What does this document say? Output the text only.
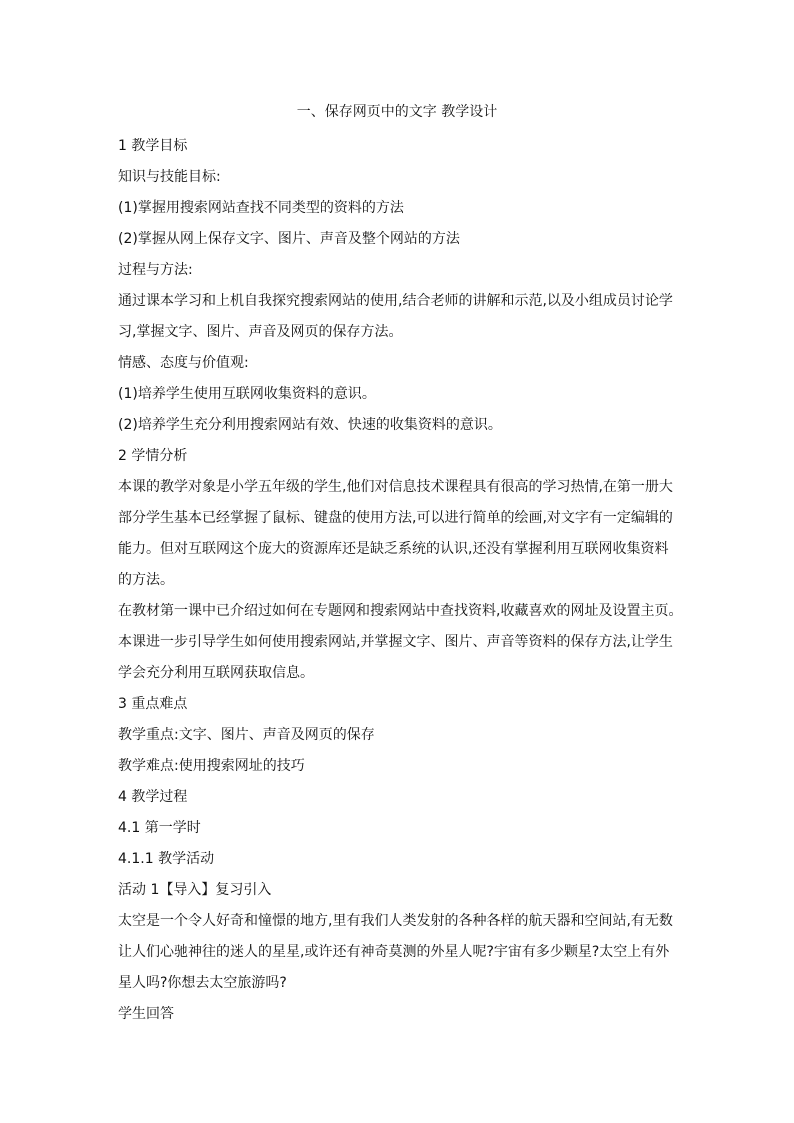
一、保存网页中的文字 教学设计

1 教学目标

知识与技能目标:

(1)掌握用搜索网站查找不同类型的资料的方法

(2)掌握从网上保存文字、图片、声音及整个网站的方法

过程与方法:

通过课本学习和上机自我探究搜索网站的使用,结合老师的讲解和示范,以及小组成员讨论学
习,掌握文字、图片、声音及网页的保存方法。

情感、态度与价值观:

(1)培养学生使用互联网收集资料的意识。

(2)培养学生充分利用搜索网站有效、快速的收集资料的意识。

2 学情分析

本课的教学对象是小学五年级的学生,他们对信息技术课程具有很高的学习热情,在第一册大
部分学生基本已经掌握了鼠标、键盘的使用方法,可以进行简单的绘画,对文字有一定编辑的
能力。但对互联网这个庞大的资源库还是缺乏系统的认识,还没有掌握利用互联网收集资料
的方法。
在教材第一课中已介绍过如何在专题网和搜索网站中查找资料,收藏喜欢的网址及设置主页。
本课进一步引导学生如何使用搜索网站,并掌握文字、图片、声音等资料的保存方法,让学生
学会充分利用互联网获取信息。

3 重点难点

教学重点:文字、图片、声音及网页的保存

教学难点:使用搜索网址的技巧

4 教学过程

4.1 第一学时

4.1.1 教学活动

活动 1【导入】复习引入

太空是一个令人好奇和憧憬的地方,里有我们人类发射的各种各样的航天器和空间站,有无数
让人们心驰神往的迷人的星星,或许还有神奇莫测的外星人呢?宇宙有多少颗星?太空上有外
星人吗?你想去太空旅游吗?

学生回答
